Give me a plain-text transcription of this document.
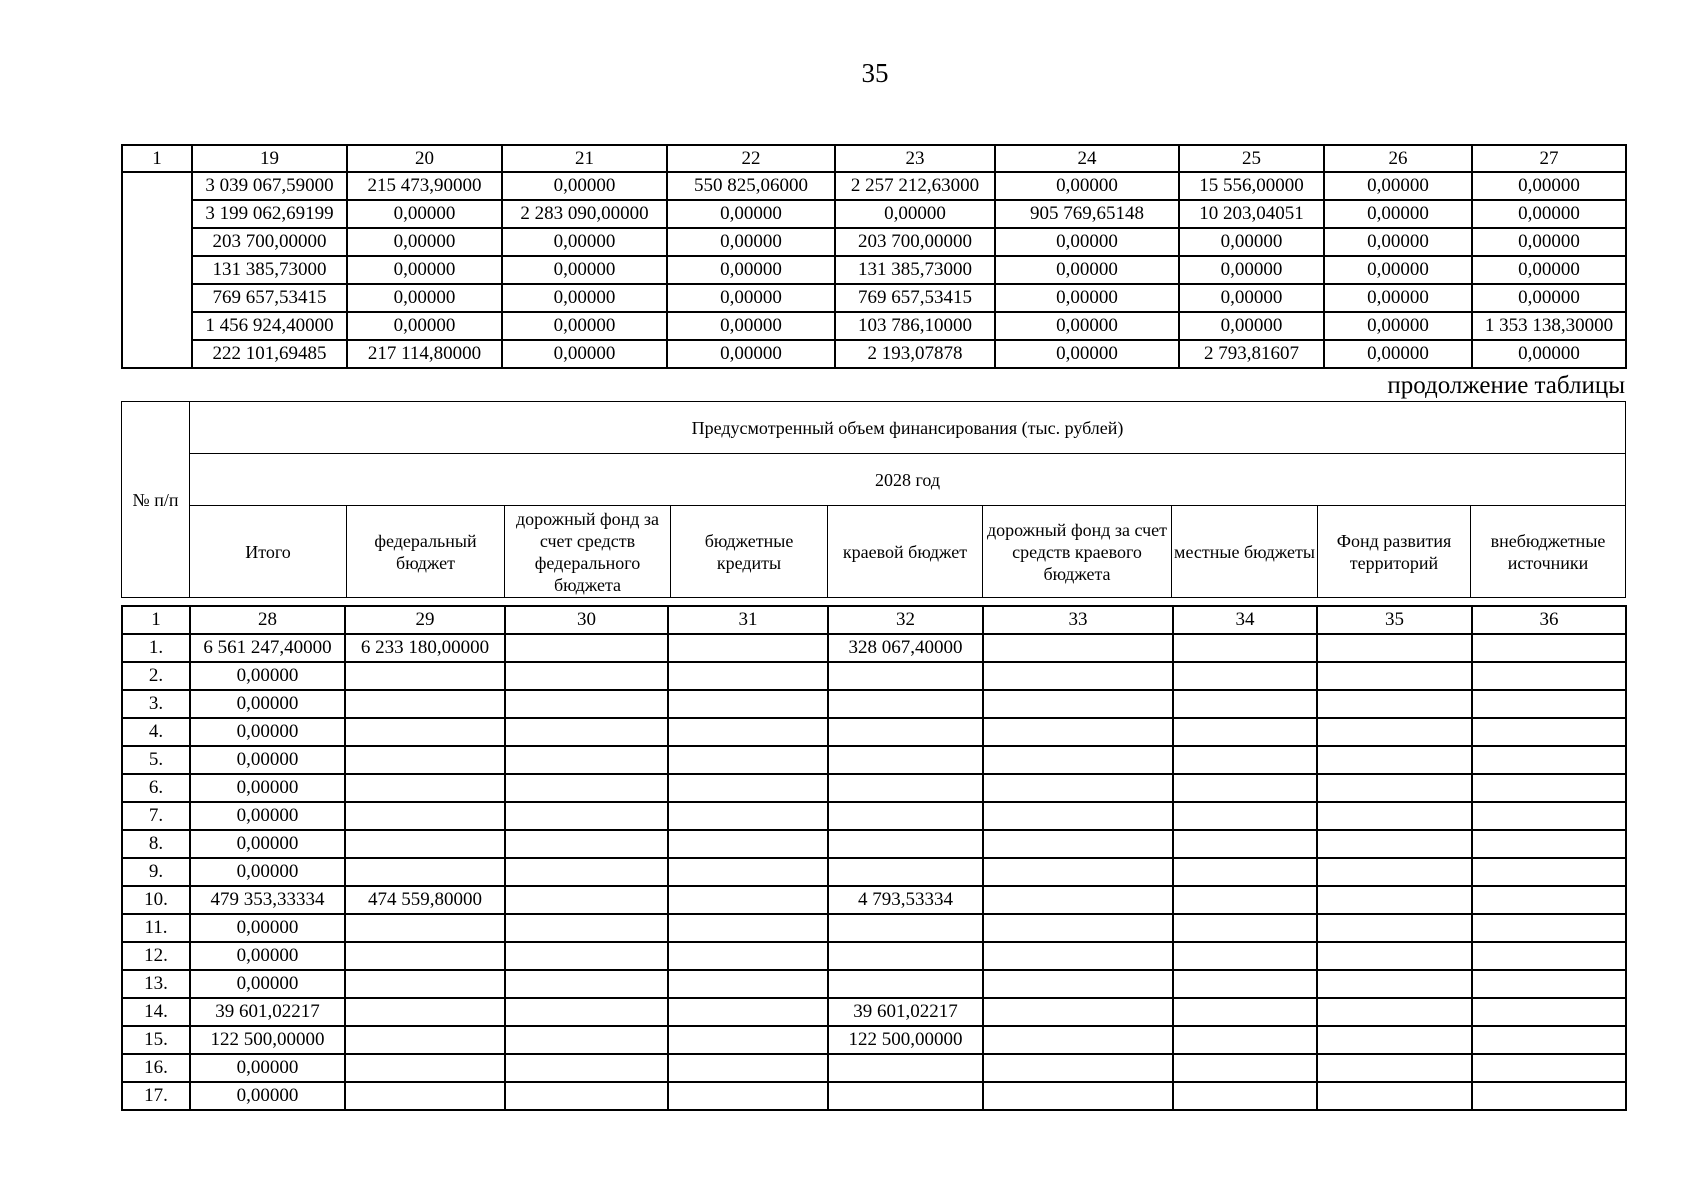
35
1	19	20	21	22	23	24	25	26	27
	3 039 067,59000	215 473,90000	0,00000	550 825,06000	2 257 212,63000	0,00000	15 556,00000	0,00000	0,00000
	3 199 062,69199	0,00000	2 283 090,00000	0,00000	0,00000	905 769,65148	10 203,04051	0,00000	0,00000
	203 700,00000	0,00000	0,00000	0,00000	203 700,00000	0,00000	0,00000	0,00000	0,00000
	131 385,73000	0,00000	0,00000	0,00000	131 385,73000	0,00000	0,00000	0,00000	0,00000
	769 657,53415	0,00000	0,00000	0,00000	769 657,53415	0,00000	0,00000	0,00000	0,00000
	1 456 924,40000	0,00000	0,00000	0,00000	103 786,10000	0,00000	0,00000	0,00000	1 353 138,30000
	222 101,69485	217 114,80000	0,00000	0,00000	2 193,07878	0,00000	2 793,81607	0,00000	0,00000
продолжение таблицы
№ п/п	Предусмотренный объем финансирования (тыс. рублей)								
	2028 год								
	Итого	федеральный бюджет	дорожный фонд за счет средств федерального бюджета	бюджетные кредиты	краевой бюджет	дорожный фонд за счет средств краевого бюджета	местные бюджеты	Фонд развития территорий	внебюджетные источники
1	28	29	30	31	32	33	34	35	36
1.	6 561 247,40000	6 233 180,00000			328 067,40000				
2.	0,00000								
3.	0,00000								
4.	0,00000								
5.	0,00000								
6.	0,00000								
7.	0,00000								
8.	0,00000								
9.	0,00000								
10.	479 353,33334	474 559,80000			4 793,53334				
11.	0,00000								
12.	0,00000								
13.	0,00000								
14.	39 601,02217				39 601,02217				
15.	122 500,00000				122 500,00000				
16.	0,00000								
17.	0,00000								
